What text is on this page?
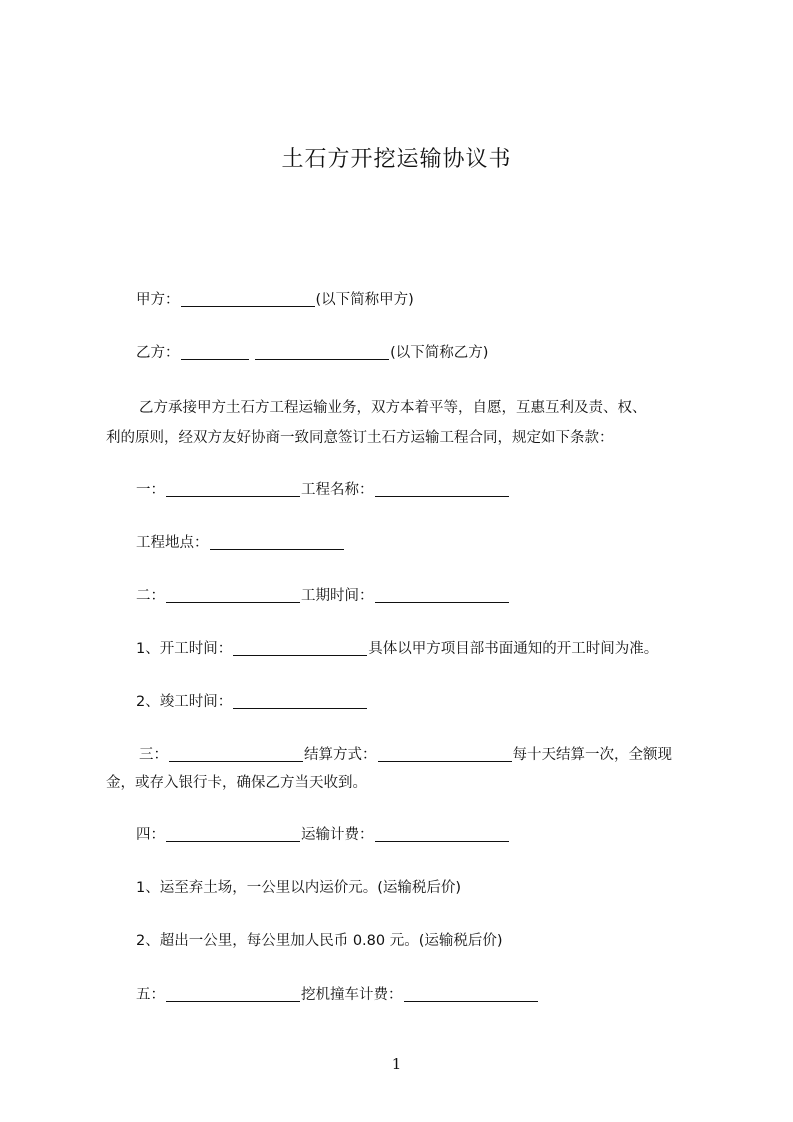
土石方开挖运输协议书
甲方：	(以下简称甲方)
乙方：	(以下简称乙方)
乙方承接甲方土石方工程运输业务，双方本着平等，自愿，互惠互利及责、权、
利的原则，经双方友好协商一致同意签订土石方运输工程合同，规定如下条款：
一：	工程名称：
工程地点：
二：	工期时间：
1、开工时间：	具体以甲方项目部书面通知的开工时间为准。
2、竣工时间：
三：	结算方式：	每十天结算一次，全额现
金，或存入银行卡，确保乙方当天收到。
四：	运输计费：
1、运至弃土场，一公里以内运价元。(运输税后价)
2、超出一公里，每公里加人民币 0.80 元。(运输税后价)
五：	挖机撞车计费：
1
